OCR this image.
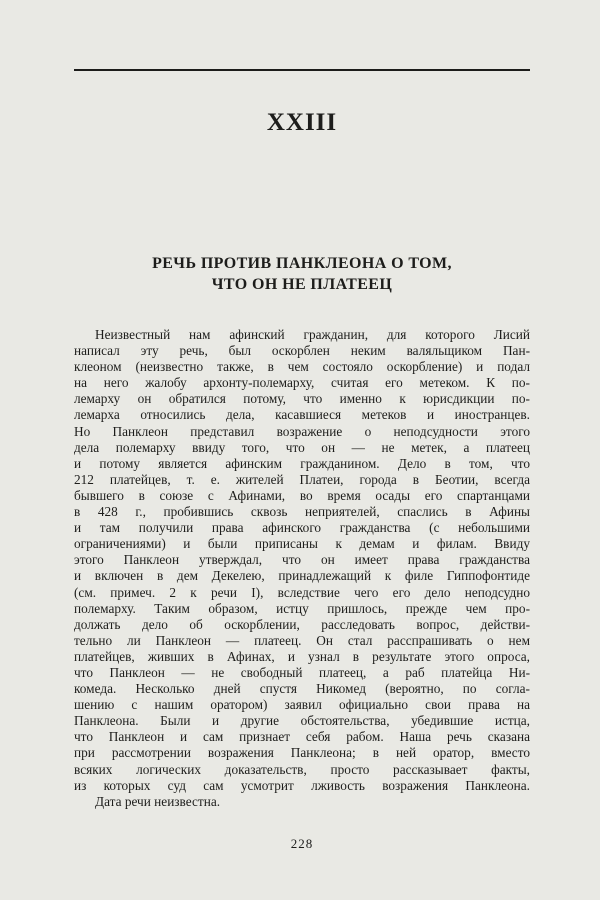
XXIII
РЕЧЬ ПРОТИВ ПАНКЛЕОНА О ТОМ,
ЧТО ОН НЕ ПЛАТЕЕЦ
Неизвестный нам афинский гражданин, для которого Лисий
написал эту речь, был оскорблен неким валяльщиком Пан-
клеоном (неизвестно также, в чем состояло оскорбление) и подал
на него жалобу архонту-полемарху, считая его метеком. К по-
лемарху он обратился потому, что именно к юрисдикции по-
лемарха относились дела, касавшиеся метеков и иностранцев.
Но Панклеон представил возражение о неподсудности этого
дела полемарху ввиду того, что он — не метек, а платеец
и потому является афинским гражданином. Дело в том, что
212 платейцев, т. е. жителей Платеи, города в Беотии, всегда
бывшего в союзе с Афинами, во время осады его спартанцами
в 428 г., пробившись сквозь неприятелей, спаслись в Афины
и там получили права афинского гражданства (с небольшими
ограничениями) и были приписаны к демам и филам. Ввиду
этого Панклеон утверждал, что он имеет права гражданства
и включен в дем Декелею, принадлежащий к филе Гиппофонтиде
(см. примеч. 2 к речи I), вследствие чего его дело неподсудно
полемарху. Таким образом, истцу пришлось, прежде чем про-
должать дело об оскорблении, расследовать вопрос, действи-
тельно ли Панклеон — платеец. Он стал расспрашивать о нем
платейцев, живших в Афинах, и узнал в результате этого опроса,
что Панклеон — не свободный платеец, а раб платейца Ни-
комеда. Несколько дней спустя Никомед (вероятно, по согла-
шению с нашим оратором) заявил официально свои права на
Панклеона. Были и другие обстоятельства, убедившие истца,
что Панклеон и сам признает себя рабом. Наша речь сказана
при рассмотрении возражения Панклеона; в ней оратор, вместо
всяких логических доказательств, просто рассказывает факты,
из которых суд сам усмотрит лживость возражения Панклеона.
Дата речи неизвестна.
228
